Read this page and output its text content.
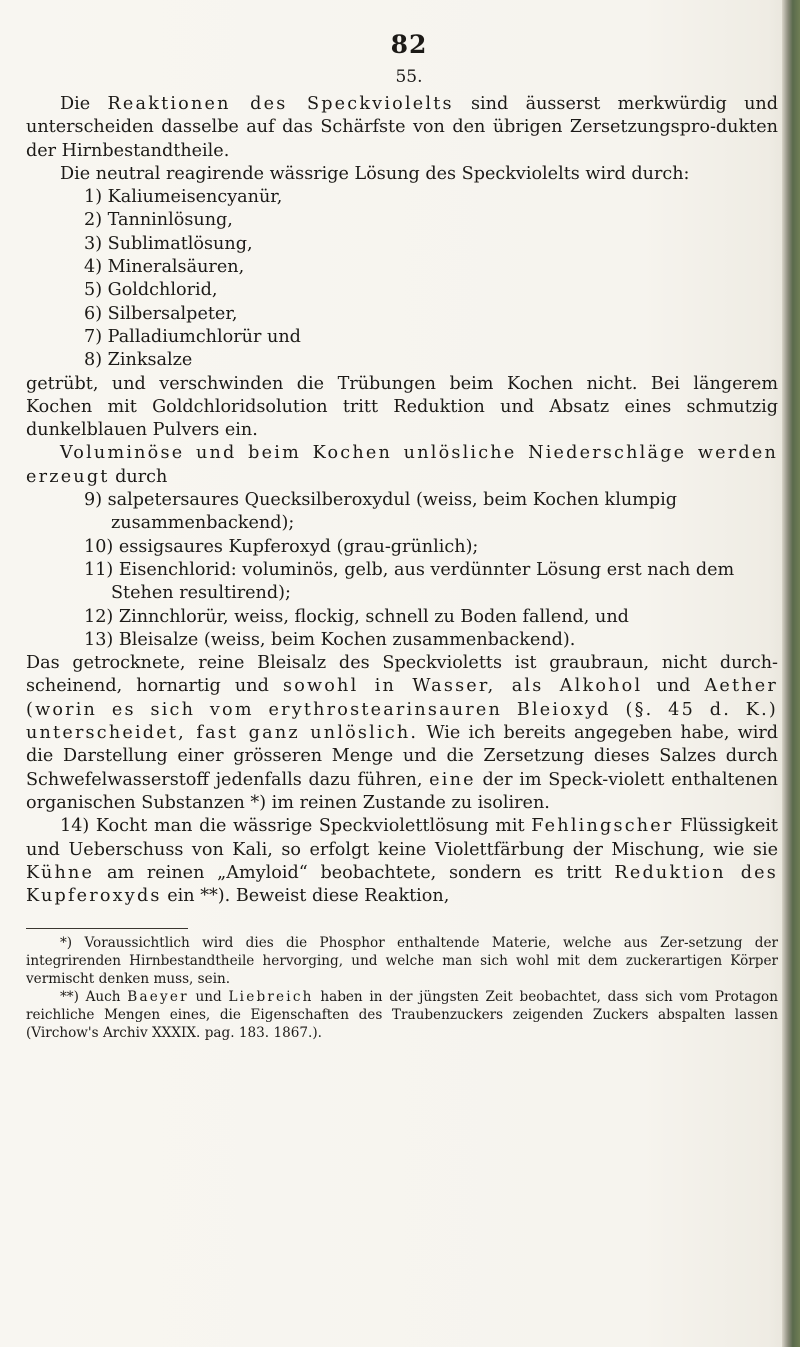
82
55.

Die Reaktionen des Speckviolelts sind äusserst merkwürdig und unterscheiden dasselbe auf das Schärfste von den übrigen Zersetzungspro-dukten der Hirnbestandtheile.

Die neutral reagirende wässrige Lösung des Speckviolelts wird durch:

1) Kaliumeisencyanür,
2) Tanninlösung,
3) Sublimatlösung,
4) Mineralsäuren,
5) Goldchlorid,
6) Silbersalpeter,
7) Palladiumchlorür und
8) Zinksalze

getrübt, und verschwinden die Trübungen beim Kochen nicht. Bei längerem Kochen mit Goldchloridsolution tritt Reduktion und Absatz eines schmutzig dunkelblauen Pulvers ein.

Voluminöse und beim Kochen unlösliche Niederschläge werden erzeugt durch

9) salpetersaures Quecksilberoxydul (weiss, beim Kochen klumpig zusammenbackend);
10) essigsaures Kupferoxyd (grau-grünlich);
11) Eisenchlorid: voluminös, gelb, aus verdünnter Lösung erst nach dem Stehen resultirend);
12) Zinnchlorür, weiss, flockig, schnell zu Boden fallend, und
13) Bleisalze (weiss, beim Kochen zusammenbackend).

Das getrocknete, reine Bleisalz des Speckvioletts ist graubraun, nicht durch-scheinend, hornartig und sowohl in Wasser, als Alkohol und Aether (worin es sich vom erythrostearinsauren Bleioxyd (§. 45 d. K.) unterscheidet, fast ganz unlöslich. Wie ich bereits angegeben habe, wird die Darstellung einer grösseren Menge und die Zersetzung dieses Salzes durch Schwefelwasserstoff jedenfalls dazu führen, eine der im Speck-violett enthaltenen organischen Substanzen *) im reinen Zustande zu isoliren.

14) Kocht man die wässrige Speckviolettlösung mit Fehlingscher Flüssigkeit und Ueberschuss von Kali, so erfolgt keine Violettfärbung der Mischung, wie sie Kühne am reinen „Amyloid“ beobachtete, sondern es tritt Reduktion des Kupferoxyds ein **). Beweist diese Reaktion,

*) Voraussichtlich wird dies die Phosphor enthaltende Materie, welche aus Zer-setzung der integrirenden Hirnbestandtheile hervorging, und welche man sich wohl mit dem zuckerartigen Körper vermischt denken muss, sein.

**) Auch Baeyer und Liebreich haben in der jüngsten Zeit beobachtet, dass sich vom Protagon reichliche Mengen eines, die Eigenschaften des Traubenzuckers zeigenden Zuckers abspalten lassen (Virchow's Archiv XXXIX. pag. 183. 1867.).
